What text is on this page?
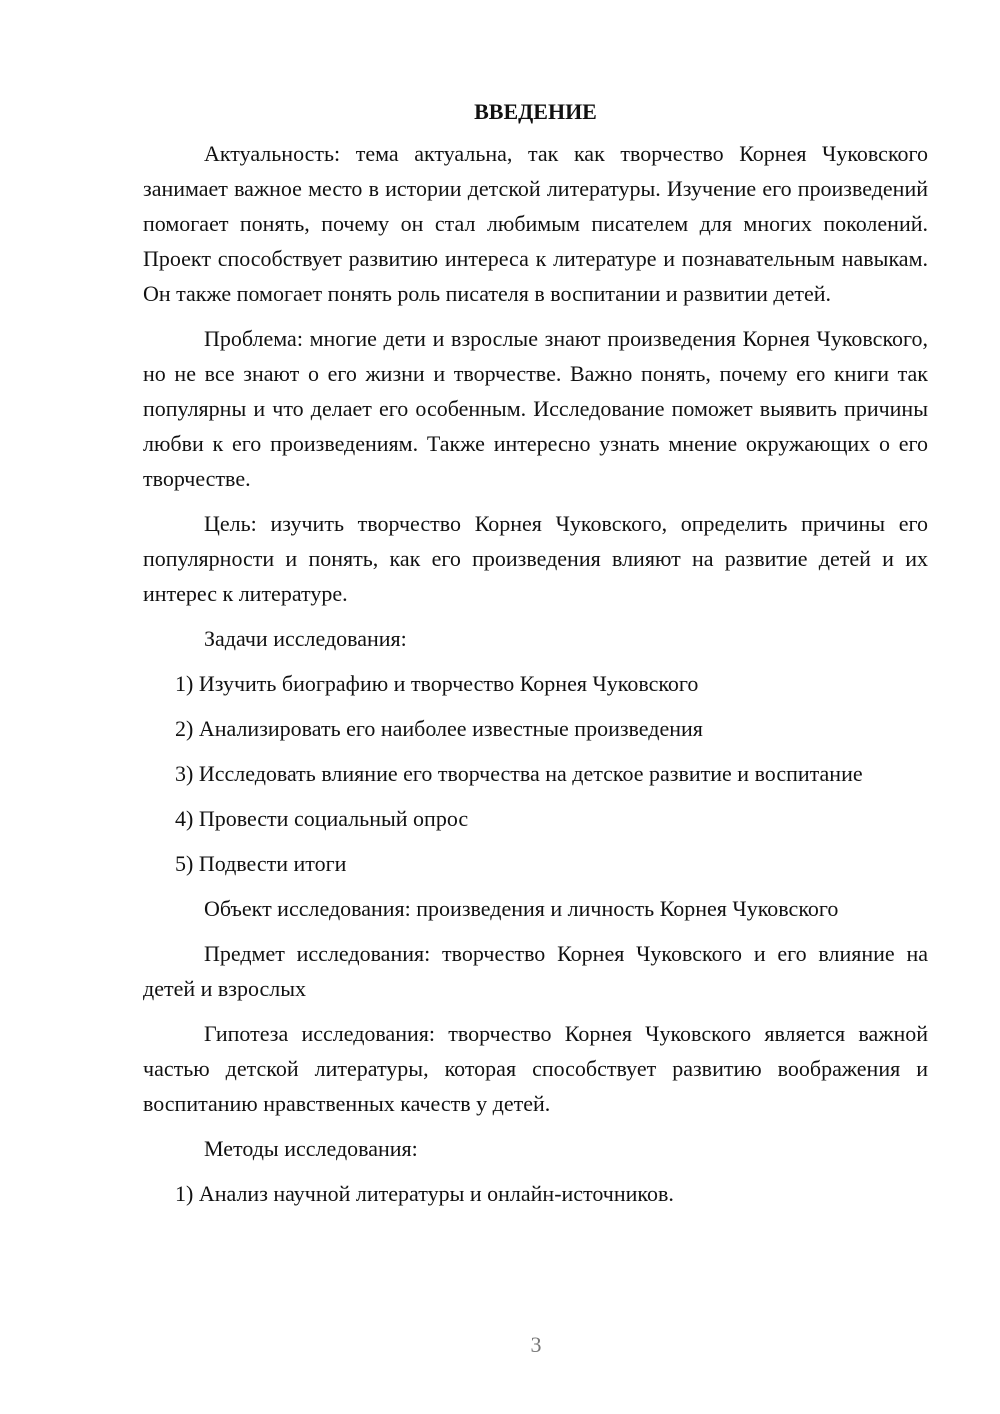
ВВЕДЕНИЕ

Актуальность: тема актуальна, так как творчество Корнея Чуковского занимает важное место в истории детской литературы. Изучение его произведений помогает понять, почему он стал любимым писателем для многих поколений. Проект способствует развитию интереса к литературе и познавательным навыкам. Он также помогает понять роль писателя в воспитании и развитии детей.

Проблема: многие дети и взрослые знают произведения Корнея Чуковского, но не все знают о его жизни и творчестве. Важно понять, почему его книги так популярны и что делает его особенным. Исследование поможет выявить причины любви к его произведениям. Также интересно узнать мнение окружающих о его творчестве.

Цель: изучить творчество Корнея Чуковского, определить причины его популярности и понять, как его произведения влияют на развитие детей и их интерес к литературе.

Задачи исследования:

1) Изучить биографию и творчество Корнея Чуковского

2) Анализировать его наиболее известные произведения

3) Исследовать влияние его творчества на детское развитие и воспитание

4) Провести социальный опрос

5) Подвести итоги

Объект исследования: произведения и личность Корнея Чуковского

Предмет исследования: творчество Корнея Чуковского и его влияние на детей и взрослых

Гипотеза исследования: творчество Корнея Чуковского является важной частью детской литературы, которая способствует развитию воображения и воспитанию нравственных качеств у детей.

Методы исследования:

1) Анализ научной литературы и онлайн-источников.

3
